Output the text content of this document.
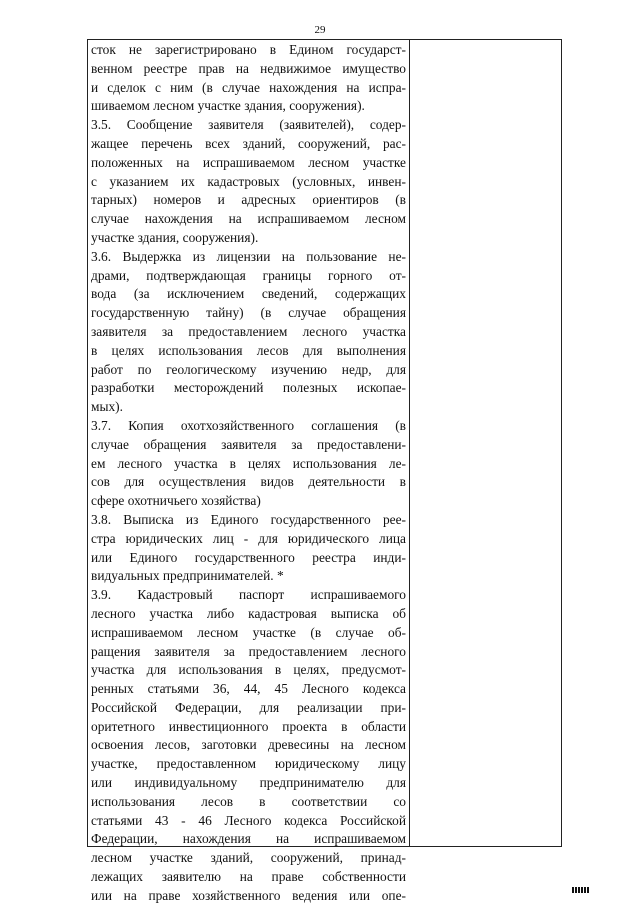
29

сток не зарегистрировано в Едином государст-
венном реестре прав на недвижимое имущество
и сделок с ним (в случае нахождения на испра-
шиваемом лесном участке здания, сооружения).

3.5. Сообщение заявителя (заявителей), содер-
жащее перечень всех зданий, сооружений, рас-
положенных на испрашиваемом лесном участке
с указанием их кадастровых (условных, инвен-
тарных) номеров и адресных ориентиров (в
случае нахождения на испрашиваемом лесном
участке здания, сооружения).

3.6. Выдержка из лицензии на пользование не-
драми, подтверждающая границы горного от-
вода (за исключением сведений, содержащих
государственную тайну) (в случае обращения
заявителя за предоставлением лесного участка
в целях использования лесов для выполнения
работ по геологическому изучению недр, для
разработки месторождений полезных ископае-
мых).

3.7. Копия охотхозяйственного соглашения (в
случае обращения заявителя за предоставлени-
ем лесного участка в целях использования ле-
сов для осуществления видов деятельности в
сфере охотничьего хозяйства)

3.8. Выписка из Единого государственного рее-
стра юридических лиц - для юридического лица
или Единого государственного реестра инди-
видуальных предпринимателей. *

3.9. Кадастровый паспорт испрашиваемого
лесного участка либо кадастровая выписка об
испрашиваемом лесном участке (в случае об-
ращения заявителя за предоставлением лесного
участка для использования в целях, предусмот-
ренных статьями 36, 44, 45 Лесного кодекса
Российской Федерации, для реализации при-
оритетного инвестиционного проекта в области
освоения лесов, заготовки древесины на лесном
участке, предоставленном юридическому лицу
или индивидуальному предпринимателю для
использования лесов в соответствии со
статьями 43 - 46 Лесного кодекса Российской
Федерации, нахождения на испрашиваемом
лесном участке зданий, сооружений, принад-
лежащих заявителю на праве собственности
или на праве хозяйственного ведения или опе-
